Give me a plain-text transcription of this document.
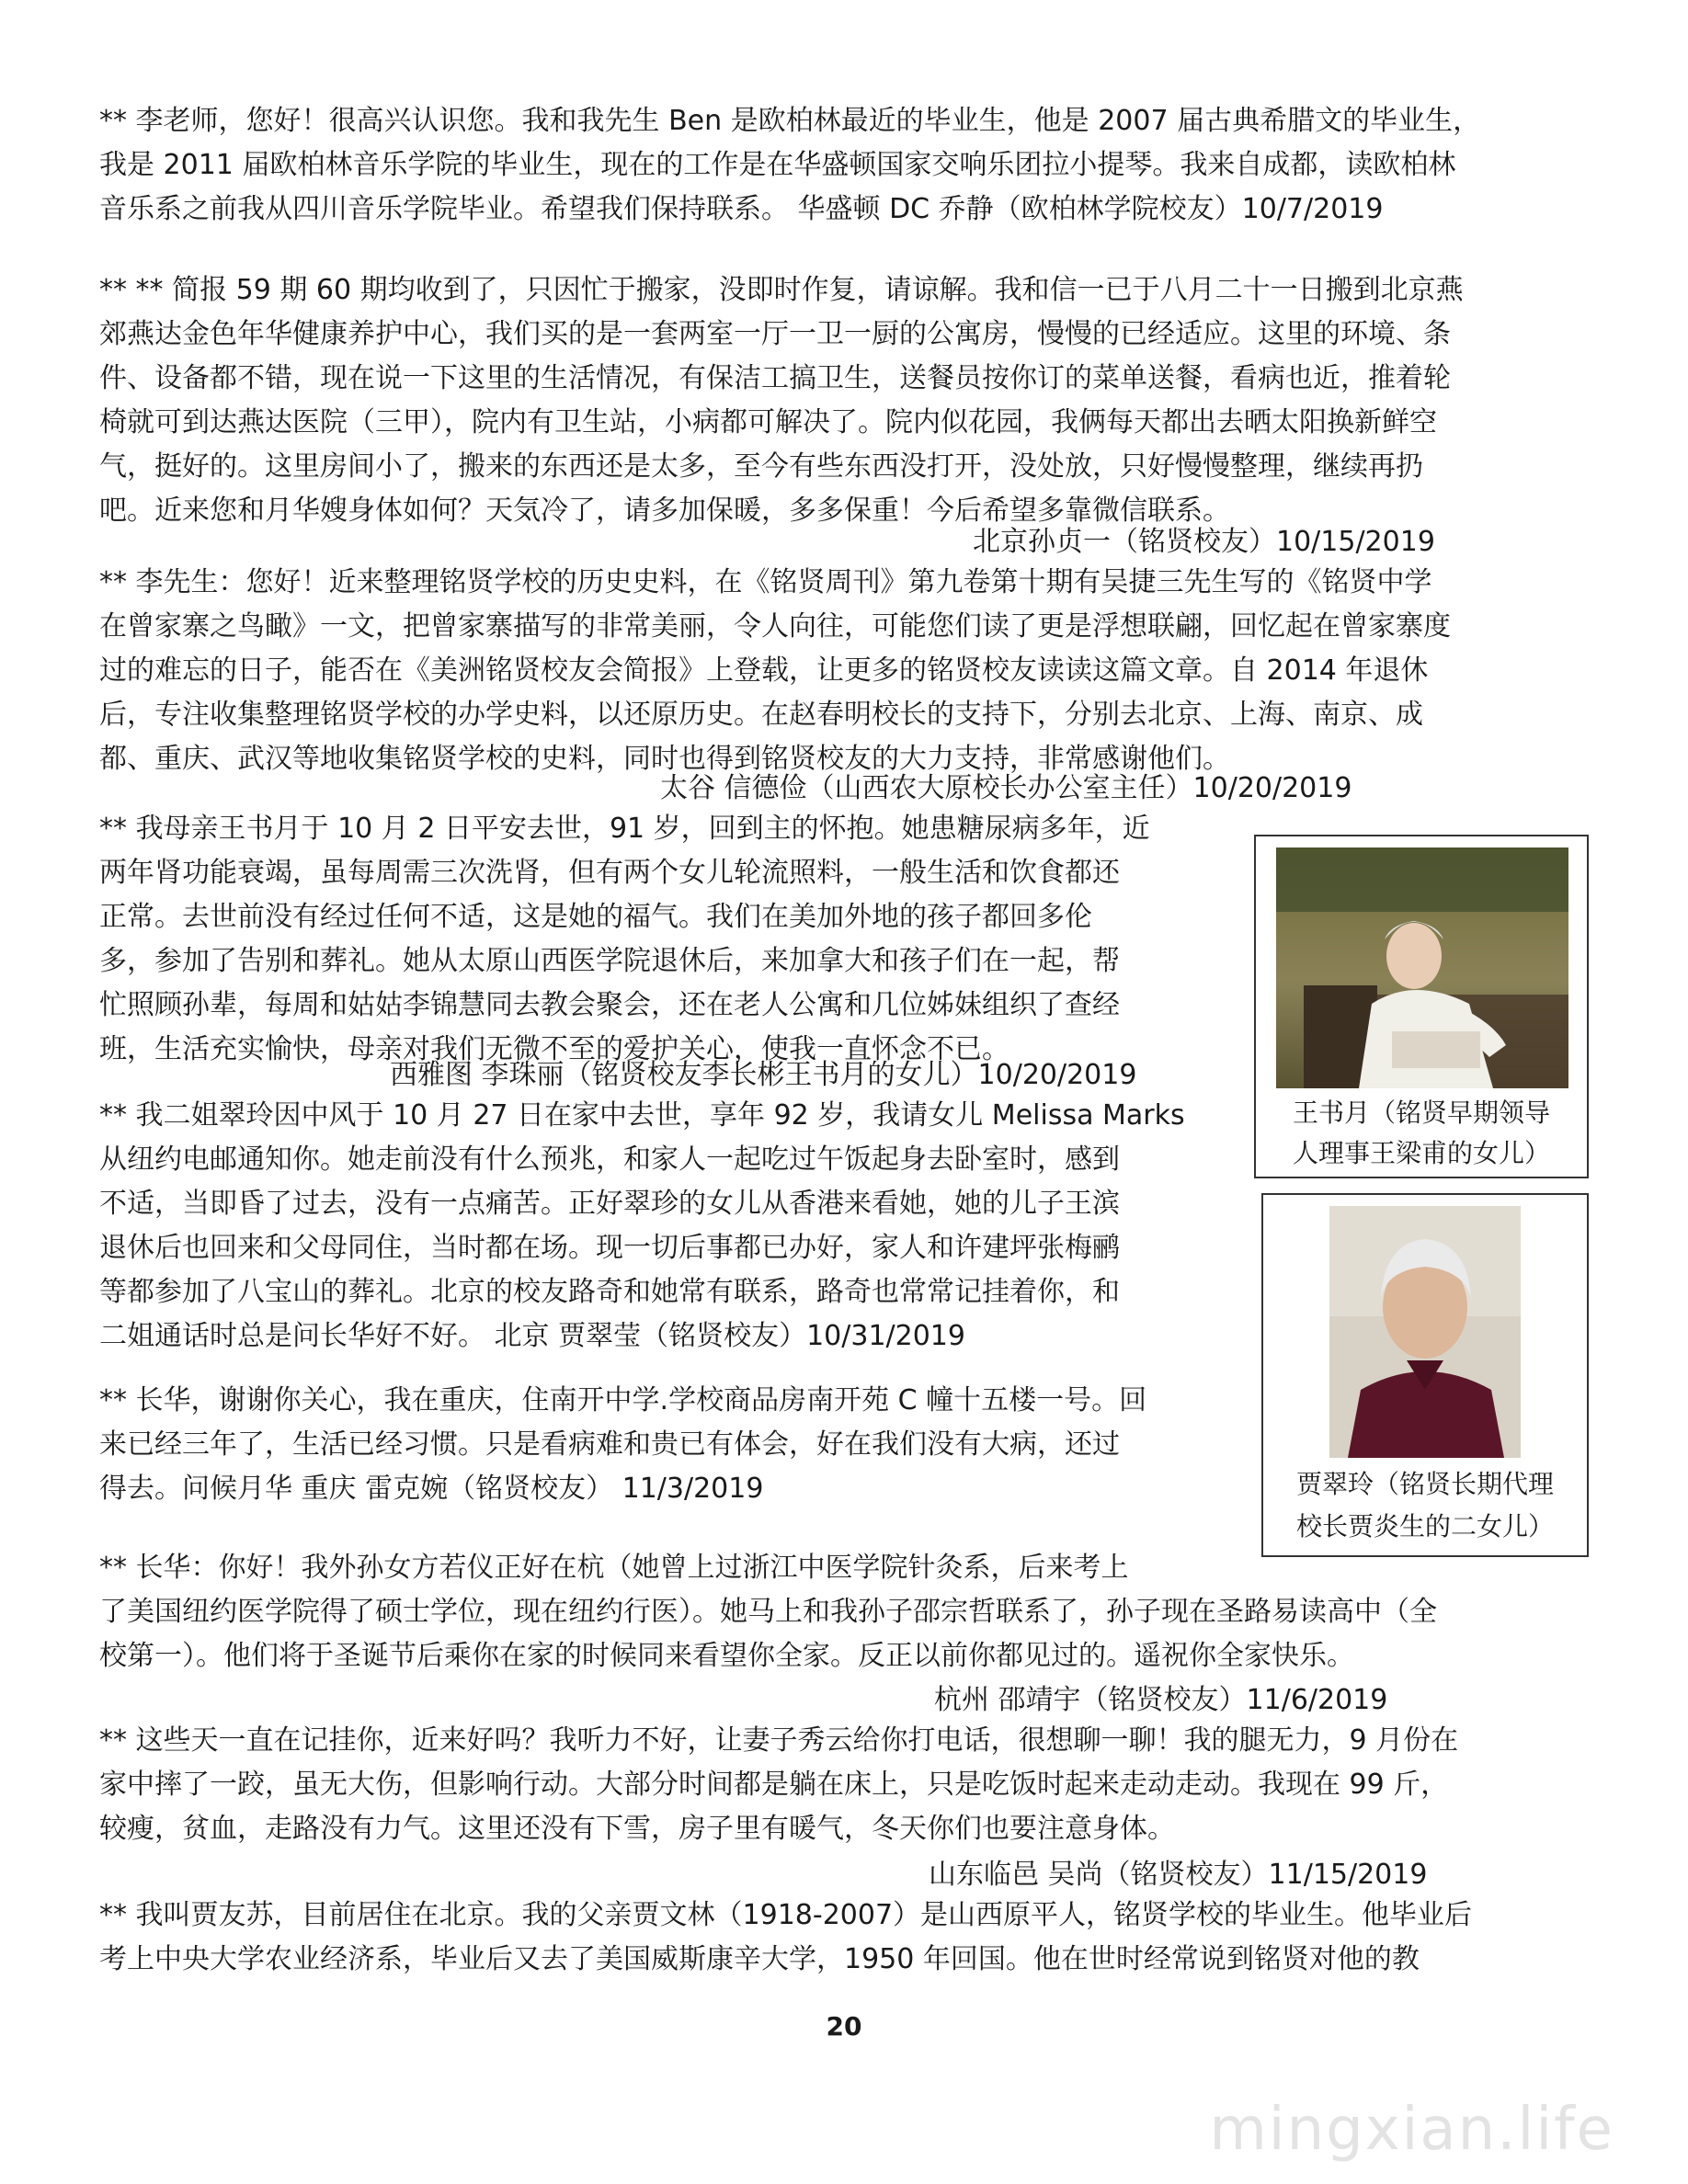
** 李老师，您好！很高兴认识您。我和我先生 Ben 是欧柏林最近的毕业生，他是 2007 届古典希腊文的毕业生，
我是 2011 届欧柏林音乐学院的毕业生，现在的工作是在华盛顿国家交响乐团拉小提琴。我来自成都，读欧柏林
音乐系之前我从四川音乐学院毕业。希望我们保持联系。 华盛顿 DC 乔静（欧柏林学院校友）10/7/2019
** ** 简报 59 期 60 期均收到了，只因忙于搬家，没即时作复，请谅解。我和信一已于八月二十一日搬到北京燕
郊燕达金色年华健康养护中心，我们买的是一套两室一厅一卫一厨的公寓房，慢慢的已经适应。这里的环境、条
件、设备都不错，现在说一下这里的生活情况，有保洁工搞卫生，送餐员按你订的菜单送餐，看病也近，推着轮
椅就可到达燕达医院（三甲），院内有卫生站，小病都可解决了。院内似花园，我俩每天都出去晒太阳换新鲜空
气，挺好的。这里房间小了，搬来的东西还是太多，至今有些东西没打开，没处放，只好慢慢整理，继续再扔
吧。近来您和月华嫂身体如何？天気冷了，请多加保暖，多多保重！今后希望多靠微信联系。
北京孙贞一（铭贤校友）10/15/2019
** 李先生：您好！近来整理铭贤学校的历史史料，在《铭贤周刊》第九卷第十期有吴捷三先生写的《铭贤中学
在曾家寨之鸟瞰》一文，把曾家寨描写的非常美丽，令人向往，可能您们读了更是浮想联翩，回忆起在曾家寨度
过的难忘的日子，能否在《美洲铭贤校友会简报》上登载，让更多的铭贤校友读读这篇文章。自 2014 年退休
后，专注收集整理铭贤学校的办学史料，以还原历史。在赵春明校长的支持下，分别去北京、上海、南京、成
都、重庆、武汉等地收集铭贤学校的史料，同时也得到铭贤校友的大力支持，非常感谢他们。
太谷 信德俭（山西农大原校长办公室主任）10/20/2019
** 我母亲王书月于 10 月 2 日平安去世，91 岁，回到主的怀抱。她患糖尿病多年，近
两年肾功能衰竭，虽每周需三次洗肾，但有两个女儿轮流照料，一般生活和饮食都还
正常。去世前没有经过任何不适，这是她的福气。我们在美加外地的孩子都回多伦
多，参加了告别和葬礼。她从太原山西医学院退休后，来加拿大和孩子们在一起，帮
忙照顾孙辈，每周和姑姑李锦慧同去教会聚会，还在老人公寓和几位姊妹组织了查经
班，生活充实愉快，母亲对我们无微不至的爱护关心，使我一直怀念不已。
西雅图 李珠丽（铭贤校友李长彬王书月的女儿）10/20/2019
** 我二姐翠玲因中风于 10 月 27 日在家中去世，享年 92 岁，我请女儿 Melissa Marks
从纽约电邮通知你。她走前没有什么预兆，和家人一起吃过午饭起身去卧室时，感到
不适，当即昏了过去，没有一点痛苦。正好翠珍的女儿从香港来看她，她的儿子王滨
退休后也回来和父母同住，当时都在场。现一切后事都已办好，家人和许建坪张梅鹂
等都参加了八宝山的葬礼。北京的校友路奇和她常有联系，路奇也常常记挂着你，和
二姐通话时总是问长华好不好。 北京 贾翠莹（铭贤校友）10/31/2019
** 长华，谢谢你关心，我在重庆，住南开中学.学校商品房南开苑 C 幢十五楼一号。回
来已经三年了，生活已经习惯。只是看病难和贵已有体会，好在我们没有大病，还过
得去。问候月华 重庆 雷克婉（铭贤校友） 11/3/2019
** 长华：你好！我外孙女方若仪正好在杭（她曾上过浙江中医学院针灸系，后来考上
了美国纽约医学院得了硕士学位，现在纽约行医）。她马上和我孙子邵宗哲联系了，孙子现在圣路易读高中（全
校第一）。他们将于圣诞节后乘你在家的时候同来看望你全家。反正以前你都见过的。遥祝你全家快乐。
杭州 邵靖宇（铭贤校友）11/6/2019
** 这些天一直在记挂你，近来好吗？我听力不好，让妻子秀云给你打电话，很想聊一聊！我的腿无力，9 月份在
家中摔了一跤，虽无大伤，但影响行动。大部分时间都是躺在床上，只是吃饭时起来走动走动。我现在 99 斤，
较瘦，贫血，走路没有力气。这里还没有下雪，房子里有暖气，冬天你们也要注意身体。
山东临邑 吴尚（铭贤校友）11/15/2019
** 我叫贾友苏，目前居住在北京。我的父亲贾文林（1918-2007）是山西原平人，铭贤学校的毕业生。他毕业后
考上中央大学农业经济系，毕业后又去了美国威斯康辛大学，1950 年回国。他在世时经常说到铭贤对他的教
王书月（铭贤早期领导
人理事王梁甫的女儿）
贾翠玲（铭贤长期代理
校长贾炎生的二女儿）
20
mingxian.life
